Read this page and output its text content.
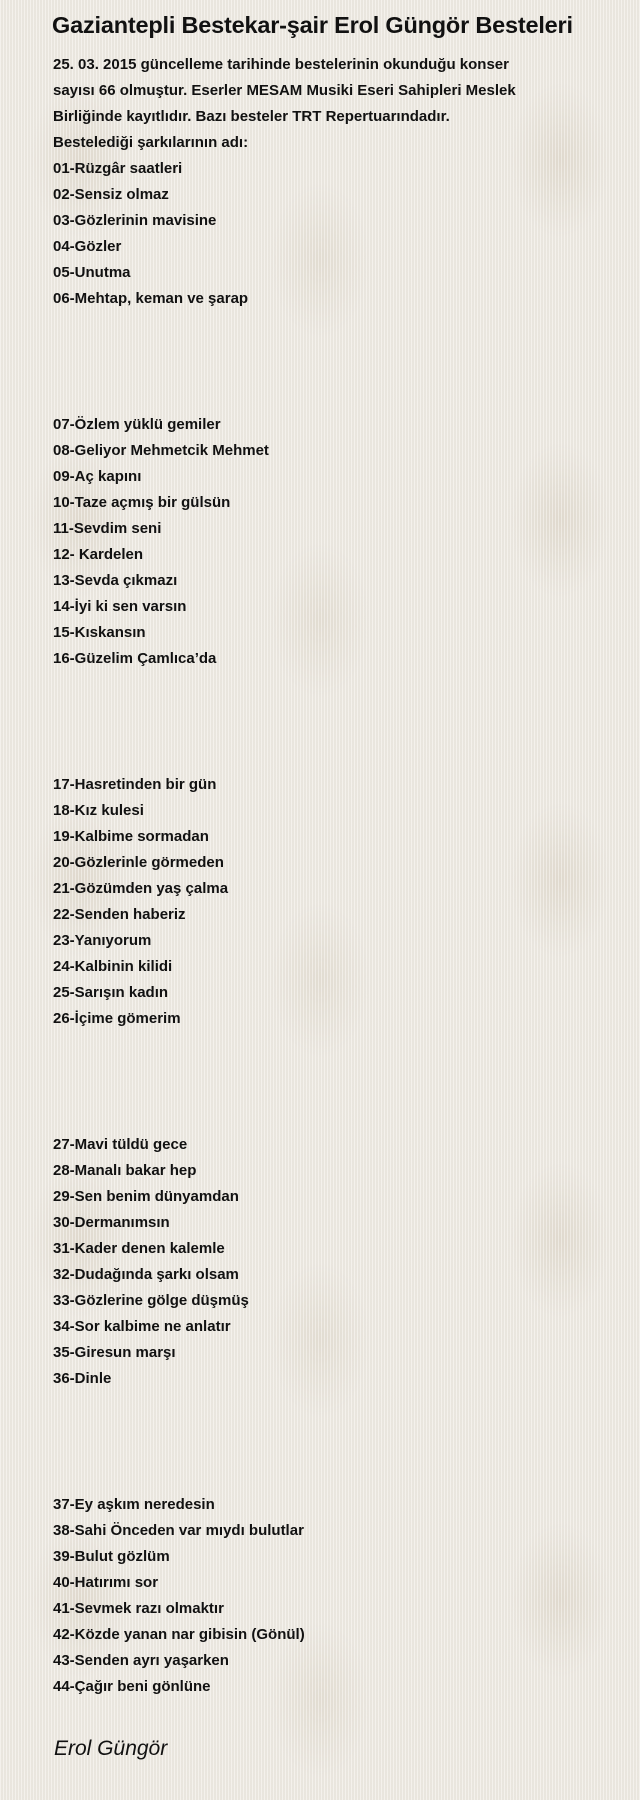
Gaziantepli Bestekar-şair Erol Güngör Besteleri

25. 03. 2015 güncelleme tarihinde bestelerinin okunduğu konser

sayısı 66 olmuştur. Eserler MESAM Musiki Eseri Sahipleri Meslek

Birliğinde kayıtlıdır. Bazı besteler TRT Repertuarındadır.

Bestelediği şarkılarının adı:

01-Rüzgâr saatleri

02-Sensiz olmaz

03-Gözlerinin mavisine

04-Gözler

05-Unutma

06-Mehtap, keman ve şarap

07-Özlem yüklü gemiler

08-Geliyor Mehmetcik Mehmet

09-Aç kapını

10-Taze açmış bir gülsün

11-Sevdim seni

12- Kardelen

13-Sevda çıkmazı

14-İyi ki sen varsın

15-Kıskansın

16-Güzelim Çamlıca’da

17-Hasretinden bir gün

18-Kız kulesi

19-Kalbime sormadan

20-Gözlerinle görmeden

21-Gözümden yaş çalma

22-Senden haberiz

23-Yanıyorum

24-Kalbinin kilidi

25-Sarışın kadın

26-İçime gömerim

27-Mavi tüldü gece

28-Manalı bakar hep

29-Sen benim dünyamdan

30-Dermanımsın

31-Kader denen kalemle

32-Dudağında şarkı olsam

33-Gözlerine gölge düşmüş

34-Sor kalbime ne anlatır

35-Giresun marşı

36-Dinle

37-Ey aşkım neredesin

38-Sahi Önceden var mıydı bulutlar

39-Bulut gözlüm

40-Hatırımı sor

41-Sevmek razı olmaktır

42-Közde yanan nar gibisin (Gönül)

43-Senden ayrı yaşarken

44-Çağır beni gönlüne

Erol Güngör
